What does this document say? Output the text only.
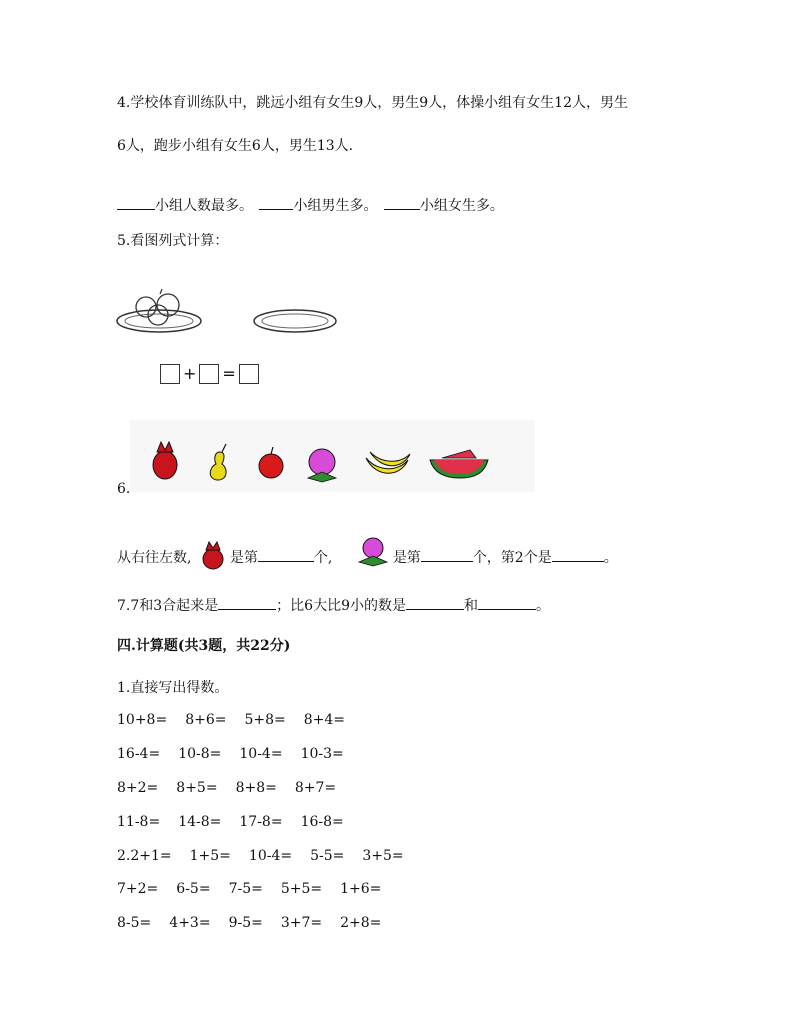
4.学校体育训练队中，跳远小组有女生9人，男生9人，体操小组有女生12人，男生
6人，跑步小组有女生6人，男生13人.
小组人数最多。	小组男生多。	小组女生多。
5.看图列式计算：
+ =
6.
从右往左数,	是第	个,	是第	个，第2个是	。
7.7和3合起来是	；比6大比9小的数是	和	。
四.计算题(共3题，共22分)
1.直接写出得数。
10+8= 8+6= 5+8= 8+4=
16-4= 10-8= 10-4= 10-3=
8+2= 8+5= 8+8= 8+7=
11-8= 14-8= 17-8= 16-8=
2.2+1= 1+5= 10-4= 5-5= 3+5=
7+2= 6-5= 7-5= 5+5= 1+6=
8-5= 4+3= 9-5= 3+7= 2+8=
